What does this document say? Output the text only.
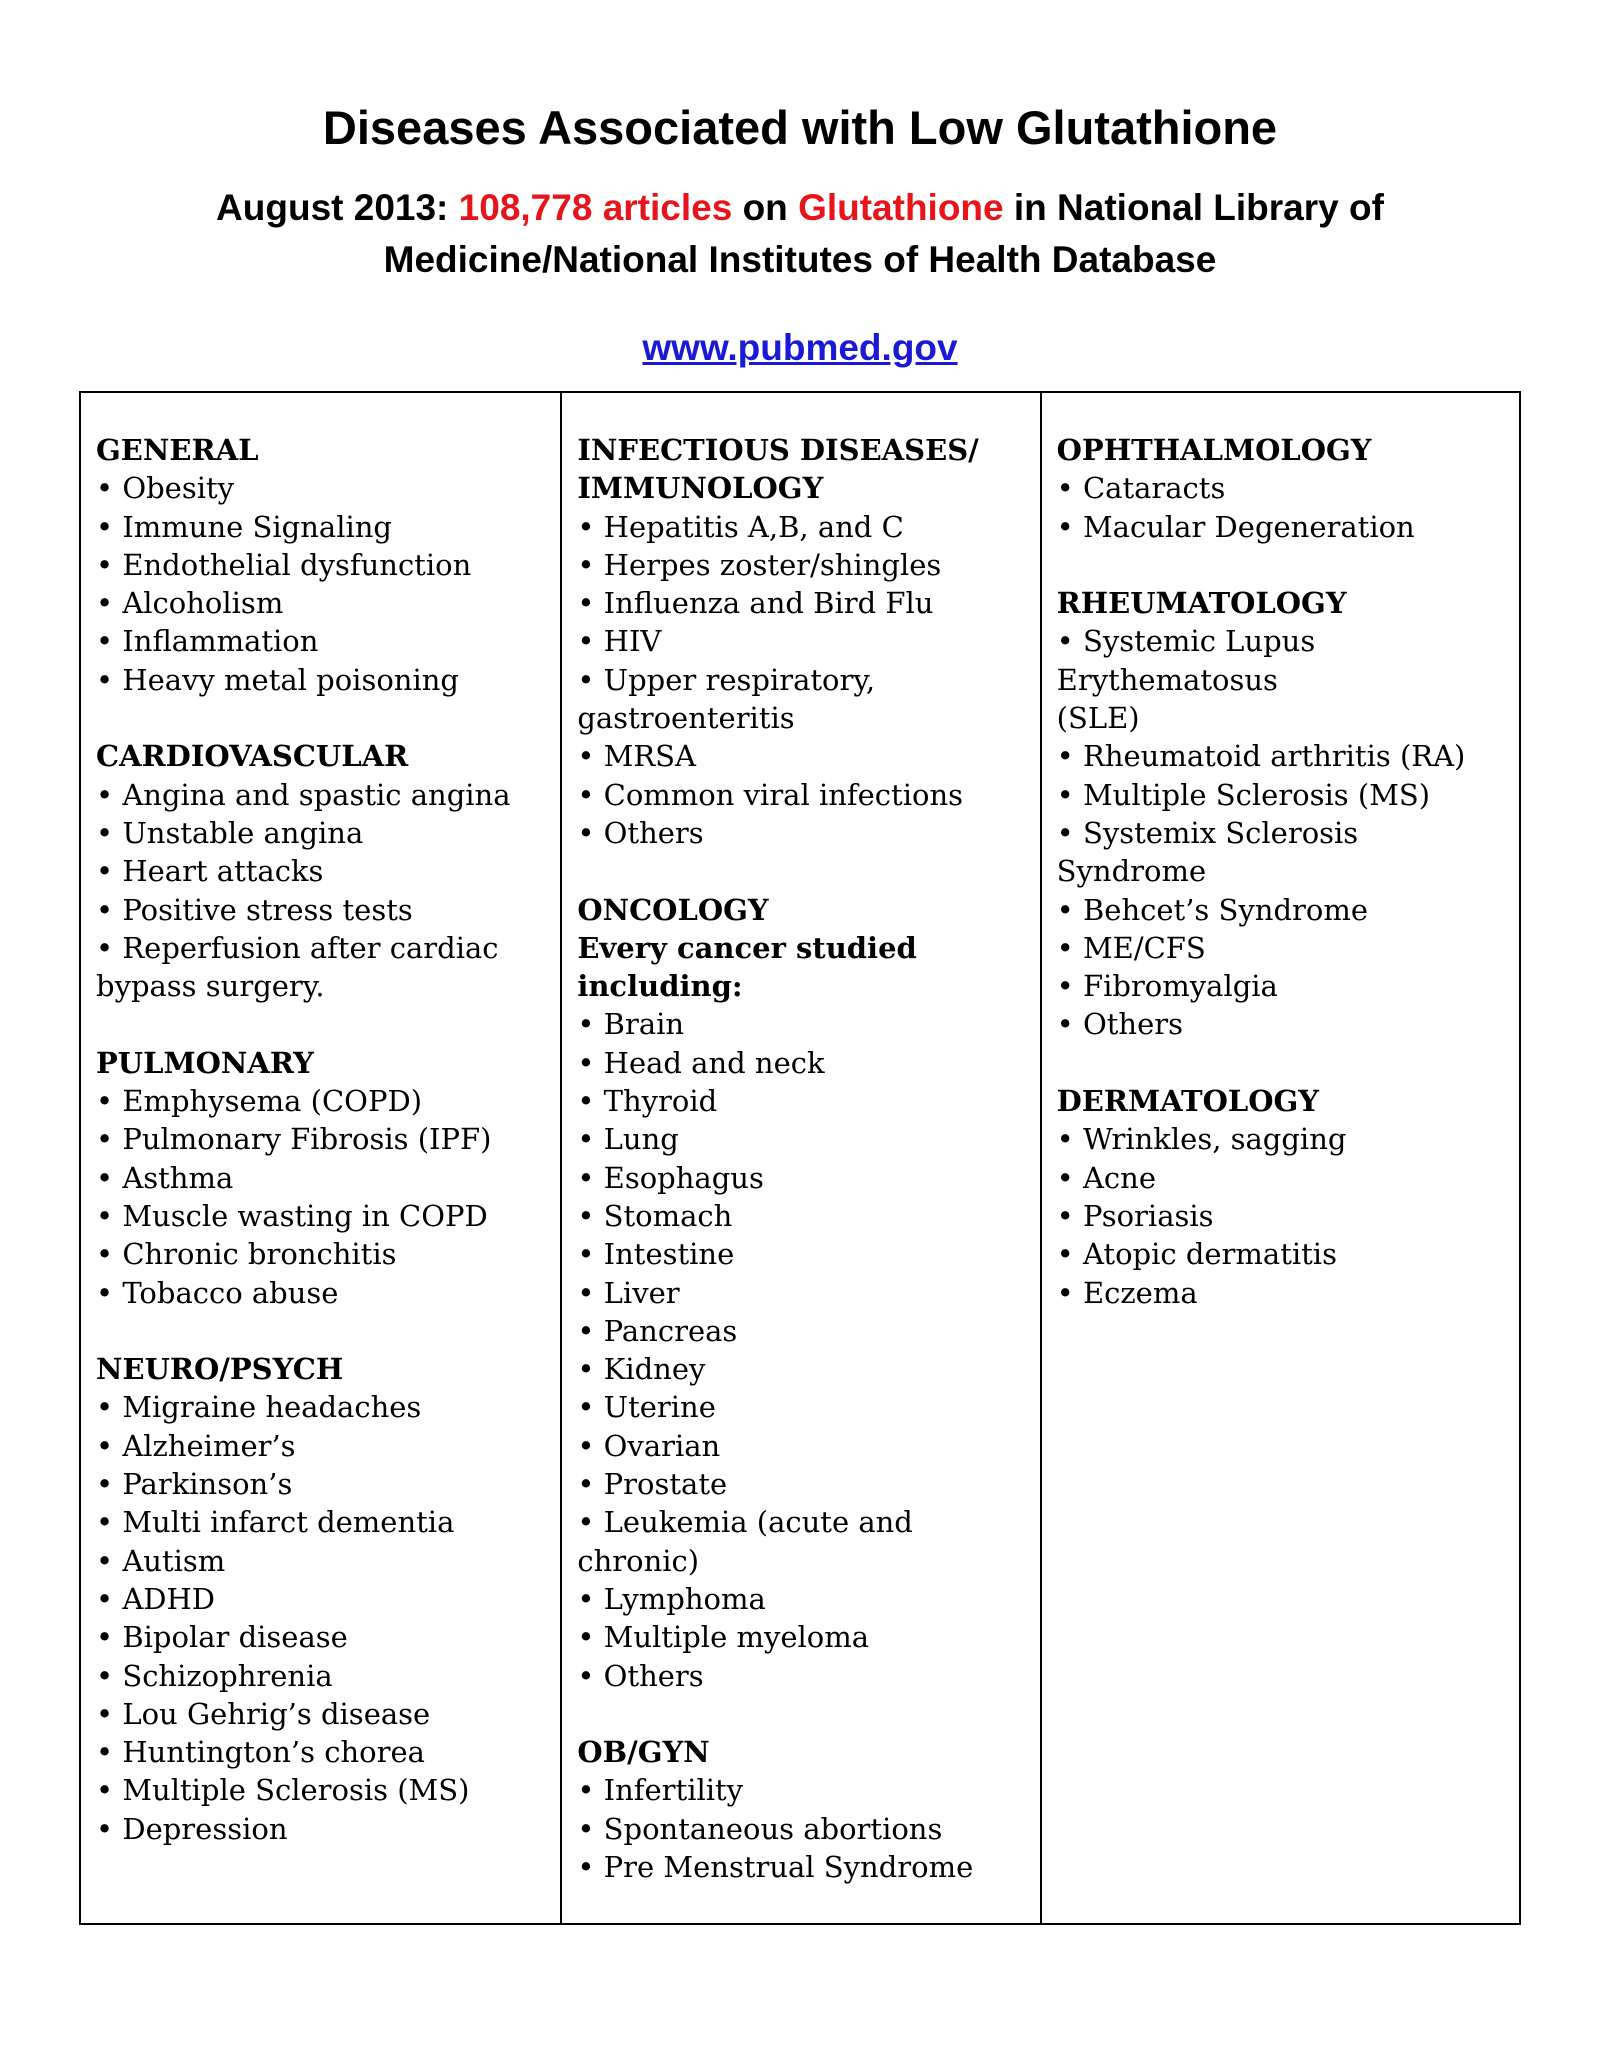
Diseases Associated with Low Glutathione
August 2013: 108,778 articles on Glutathione in National Library of Medicine/National Institutes of Health Database
www.pubmed.gov
GENERAL
• Obesity
• Immune Signaling
• Endothelial dysfunction
• Alcoholism
• Inflammation
• Heavy metal poisoning
CARDIOVASCULAR
• Angina and spastic angina
• Unstable angina
• Heart attacks
• Positive stress tests
• Reperfusion after cardiac
bypass surgery.
PULMONARY
• Emphysema (COPD)
• Pulmonary Fibrosis (IPF)
• Asthma
• Muscle wasting in COPD
• Chronic bronchitis
• Tobacco abuse
NEURO/PSYCH
• Migraine headaches
• Alzheimer’s
• Parkinson’s
• Multi infarct dementia
• Autism
• ADHD
• Bipolar disease
• Schizophrenia
• Lou Gehrig’s disease
• Huntington’s chorea
• Multiple Sclerosis (MS)
• Depression
INFECTIOUS DISEASES/
IMMUNOLOGY
• Hepatitis A,B, and C
• Herpes zoster/shingles
• Influenza and Bird Flu
• HIV
• Upper respiratory,
gastroenteritis
• MRSA
• Common viral infections
• Others
ONCOLOGY
Every cancer studied
including:
• Brain
• Head and neck
• Thyroid
• Lung
• Esophagus
• Stomach
• Intestine
• Liver
• Pancreas
• Kidney
• Uterine
• Ovarian
• Prostate
• Leukemia (acute and chronic)
• Lymphoma
• Multiple myeloma
• Others
OB/GYN
• Infertility
• Spontaneous abortions
• Pre Menstrual Syndrome
OPHTHALMOLOGY
• Cataracts
• Macular Degeneration
RHEUMATOLOGY
• Systemic Lupus
Erythematosus
(SLE)
• Rheumatoid arthritis (RA)
• Multiple Sclerosis (MS)
• Systemix Sclerosis
Syndrome
• Behcet’s Syndrome
• ME/CFS
• Fibromyalgia
• Others
DERMATOLOGY
• Wrinkles, sagging
• Acne
• Psoriasis
• Atopic dermatitis
• Eczema
